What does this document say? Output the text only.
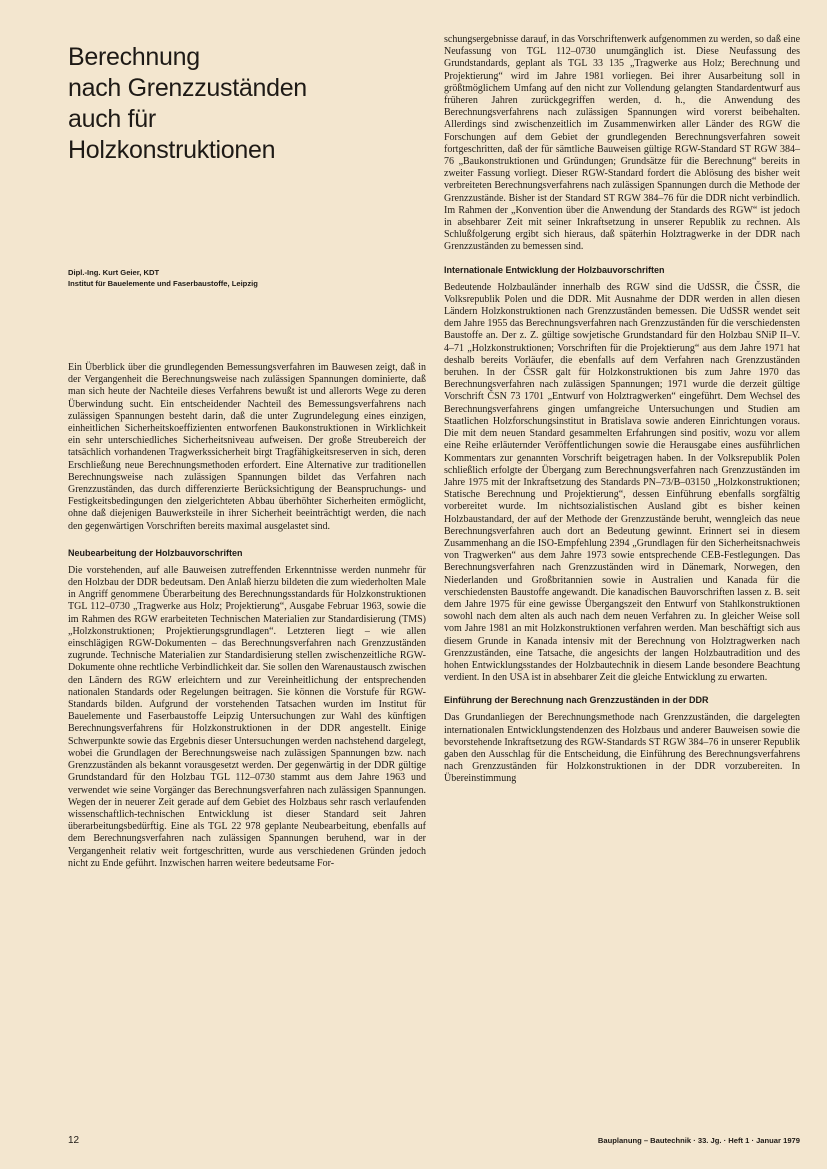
Berechnung
nach Grenzzuständen
auch für
Holzkonstruktionen
Dipl.-Ing. Kurt Geier, KDT
Institut für Bauelemente und Faserbaustoffe, Leipzig

Ein Überblick über die grundlegenden Bemessungsverfahren im Bauwesen zeigt, daß in der Vergangenheit die Berechnungsweise nach zulässigen Spannungen dominierte, daß man sich heute der Nachteile dieses Verfahrens bewußt ist und allerorts Wege zu deren Überwindung sucht. Ein entscheidender Nachteil des Bemessungsverfahrens nach zulässigen Spannungen besteht darin, daß die unter Zugrundelegung eines einzigen, einheitlichen Sicherheitskoeffizienten entworfenen Baukonstruktionen in Wirklichkeit ein sehr unterschiedliches Sicherheitsniveau aufweisen. Der große Streubereich der tatsächlich vorhandenen Tragwerkssicherheit birgt Tragfähigkeitsreserven in sich, deren Erschließung neue Berechnungsmethoden erfordert. Eine Alternative zur traditionellen Berechnungsweise nach zulässigen Spannungen bildet das Verfahren nach Grenzzuständen, das durch differenzierte Berücksichtigung der Beanspruchungs- und Festigkeitsbedingungen den zielgerichteten Abbau überhöhter Sicherheiten ermöglicht, ohne daß diejenigen Bauwerksteile in ihrer Sicherheit beeinträchtigt werden, die nach den gegenwärtigen Vorschriften bereits maximal ausgelastet sind.

Neubearbeitung der Holzbauvorschriften

Die vorstehenden, auf alle Bauweisen zutreffenden Erkenntnisse werden nunmehr für den Holzbau der DDR bedeutsam. Den Anlaß hierzu bildeten die zum wiederholten Male in Angriff genommene Überarbeitung des Berechnungsstandards für Holzkonstruktionen TGL 112–0730 „Tragwerke aus Holz; Projektierung“, Ausgabe Februar 1963, sowie die im Rahmen des RGW erarbeiteten Technischen Materialien zur Standardisierung (TMS) „Holzkonstruktionen; Projektierungsgrundlagen“. Letzteren liegt – wie allen einschlägigen RGW-Dokumenten – das Berechnungsverfahren nach Grenzzuständen zugrunde. Technische Materialien zur Standardisierung stellen zwischenzeitliche RGW-Dokumente ohne rechtliche Verbindlichkeit dar. Sie sollen den Warenaustausch zwischen den Ländern des RGW erleichtern und zur Vereinheitlichung der entsprechenden nationalen Standards oder Regelungen beitragen. Sie können die Vorstufe für RGW-Standards bilden. Aufgrund der vorstehenden Tatsachen wurden im Institut für Bauelemente und Faserbaustoffe Leipzig Untersuchungen zur Wahl des künftigen Berechnungsverfahrens für Holzkonstruktionen in der DDR angestellt. Einige Schwerpunkte sowie das Ergebnis dieser Untersuchungen werden nachstehend dargelegt, wobei die Grundlagen der Berechnungsweise nach zulässigen Spannungen bzw. nach Grenzzuständen als bekannt vorausgesetzt werden. Der gegenwärtig in der DDR gültige Grundstandard für den Holzbau TGL 112–0730 stammt aus dem Jahre 1963 und verwendet wie seine Vorgänger das Berechnungsverfahren nach zulässigen Spannungen. Wegen der in neuerer Zeit gerade auf dem Gebiet des Holzbaus sehr rasch verlaufenden wissenschaftlich-technischen Entwicklung ist dieser Standard seit Jahren überarbeitungsbedürftig. Eine als TGL 22 978 geplante Neubearbeitung, ebenfalls auf dem Berechnungsverfahren nach zulässigen Spannungen beruhend, war in der Vergangenheit relativ weit fortgeschritten, wurde aus verschiedenen Gründen jedoch nicht zu Ende geführt. Inzwischen harren weitere bedeutsame For-

schungsergebnisse darauf, in das Vorschriftenwerk aufgenommen zu werden, so daß eine Neufassung von TGL 112–0730 unumgänglich ist. Diese Neufassung des Grundstandards, geplant als TGL 33 135 „Tragwerke aus Holz; Berechnung und Projektierung“ wird im Jahre 1981 vorliegen. Bei ihrer Ausarbeitung soll in größtmöglichem Umfang auf den nicht zur Vollendung gelangten Standardentwurf aus früheren Jahren zurückgegriffen werden, d. h., die Anwendung des Berechnungsverfahrens nach zulässigen Spannungen wird vorerst beibehalten. Allerdings sind zwischenzeitlich im Zusammenwirken aller Länder des RGW die Forschungen auf dem Gebiet der grundlegenden Berechnungsverfahren soweit fortgeschritten, daß der für sämtliche Bauweisen gültige RGW-Standard ST RGW 384–76 „Baukonstruktionen und Gründungen; Grundsätze für die Berechnung“ bereits in zweiter Fassung vorliegt. Dieser RGW-Standard fordert die Ablösung des bisher weit verbreiteten Berechnungsverfahrens nach zulässigen Spannungen durch die Methode der Grenzzustände. Bisher ist der Standard ST RGW 384–76 für die DDR nicht verbindlich. Im Rahmen der „Konvention über die Anwendung der Standards des RGW“ ist jedoch in absehbarer Zeit mit seiner Inkraftsetzung in unserer Republik zu rechnen. Als Schlußfolgerung ergibt sich hieraus, daß späterhin Holztragwerke in der DDR nach Grenzzuständen zu bemessen sind.

Internationale Entwicklung der Holzbauvorschriften

Bedeutende Holzbauländer innerhalb des RGW sind die UdSSR, die ČSSR, die Volksrepublik Polen und die DDR. Mit Ausnahme der DDR werden in allen diesen Ländern Holzkonstruktionen nach Grenzzuständen bemessen. Die UdSSR wendet seit dem Jahre 1955 das Berechnungsverfahren nach Grenzzuständen für die verschiedensten Baustoffe an. Der z. Z. gültige sowjetische Grundstandard für den Holzbau SNiP II–V. 4–71 „Holzkonstruktionen; Vorschriften für die Projektierung“ aus dem Jahre 1971 hat deshalb bereits Vorläufer, die ebenfalls auf dem Verfahren nach Grenzzuständen beruhen. In der ČSSR galt für Holzkonstruktionen bis zum Jahre 1970 das Berechnungsverfahren nach zulässigen Spannungen; 1971 wurde die derzeit gültige Vorschrift ČSN 73 1701 „Entwurf von Holztragwerken“ eingeführt. Dem Wechsel des Berechnungsverfahrens gingen umfangreiche Untersuchungen und Studien am Staatlichen Holzforschungsinstitut in Bratislava sowie anderen Einrichtungen voraus. Die mit dem neuen Standard gesammelten Erfahrungen sind positiv, wozu vor allem eine Reihe erläuternder Veröffentlichungen sowie die Herausgabe eines ausführlichen Kommentars zur genannten Vorschrift beigetragen haben. In der Volksrepublik Polen schließlich erfolgte der Übergang zum Berechnungsverfahren nach Grenzzuständen im Jahre 1975 mit der Inkraftsetzung des Standards PN–73/B–03150 „Holzkonstruktionen; Statische Berechnung und Projektierung“, dessen Einführung ebenfalls sorgfältig vorbereitet wurde. Im nichtsozialistischen Ausland gibt es bisher keinen Holzbaustandard, der auf der Methode der Grenzzustände beruht, wenngleich das neue Berechnungsverfahren auch dort an Bedeutung gewinnt. Erinnert sei in diesem Zusammenhang an die ISO-Empfehlung 2394 „Grundlagen für den Sicherheitsnachweis von Tragwerken“ aus dem Jahre 1973 sowie entsprechende CEB-Festlegungen. Das Berechnungsverfahren nach Grenzzuständen wird in Dänemark, Norwegen, den Niederlanden und Großbritannien sowie in Australien und Kanada für die verschiedensten Baustoffe angewandt. Die kanadischen Bauvorschriften lassen z. B. seit dem Jahre 1975 für eine gewisse Übergangszeit den Entwurf von Stahlkonstruktionen sowohl nach dem alten als auch nach dem neuen Verfahren zu. In gleicher Weise soll vom Jahre 1981 an mit Holzkonstruktionen verfahren werden. Man beschäftigt sich aus diesem Grunde in Kanada intensiv mit der Berechnung von Holztragwerken nach Grenzzuständen, eine Tatsache, die angesichts der langen Holzbautradition und des hohen Entwicklungsstandes der Holzbautechnik in diesem Lande besondere Beachtung verdient. In den USA ist in absehbarer Zeit die gleiche Entwicklung zu erwarten.

Einführung der Berechnung nach Grenzzuständen in der DDR

Das Grundanliegen der Berechnungsmethode nach Grenzzuständen, die dargelegten internationalen Entwicklungstendenzen des Holzbaus und anderer Bauweisen sowie die bevorstehende Inkraftsetzung des RGW-Standards ST RGW 384–76 in unserer Republik gaben den Ausschlag für die Entscheidung, die Einführung des Berechnungsverfahrens nach Grenzzuständen für Holzkonstruktionen in der DDR vorzubereiten. In Übereinstimmung

12	Bauplanung – Bautechnik · 33. Jg. · Heft 1 · Januar 1979
